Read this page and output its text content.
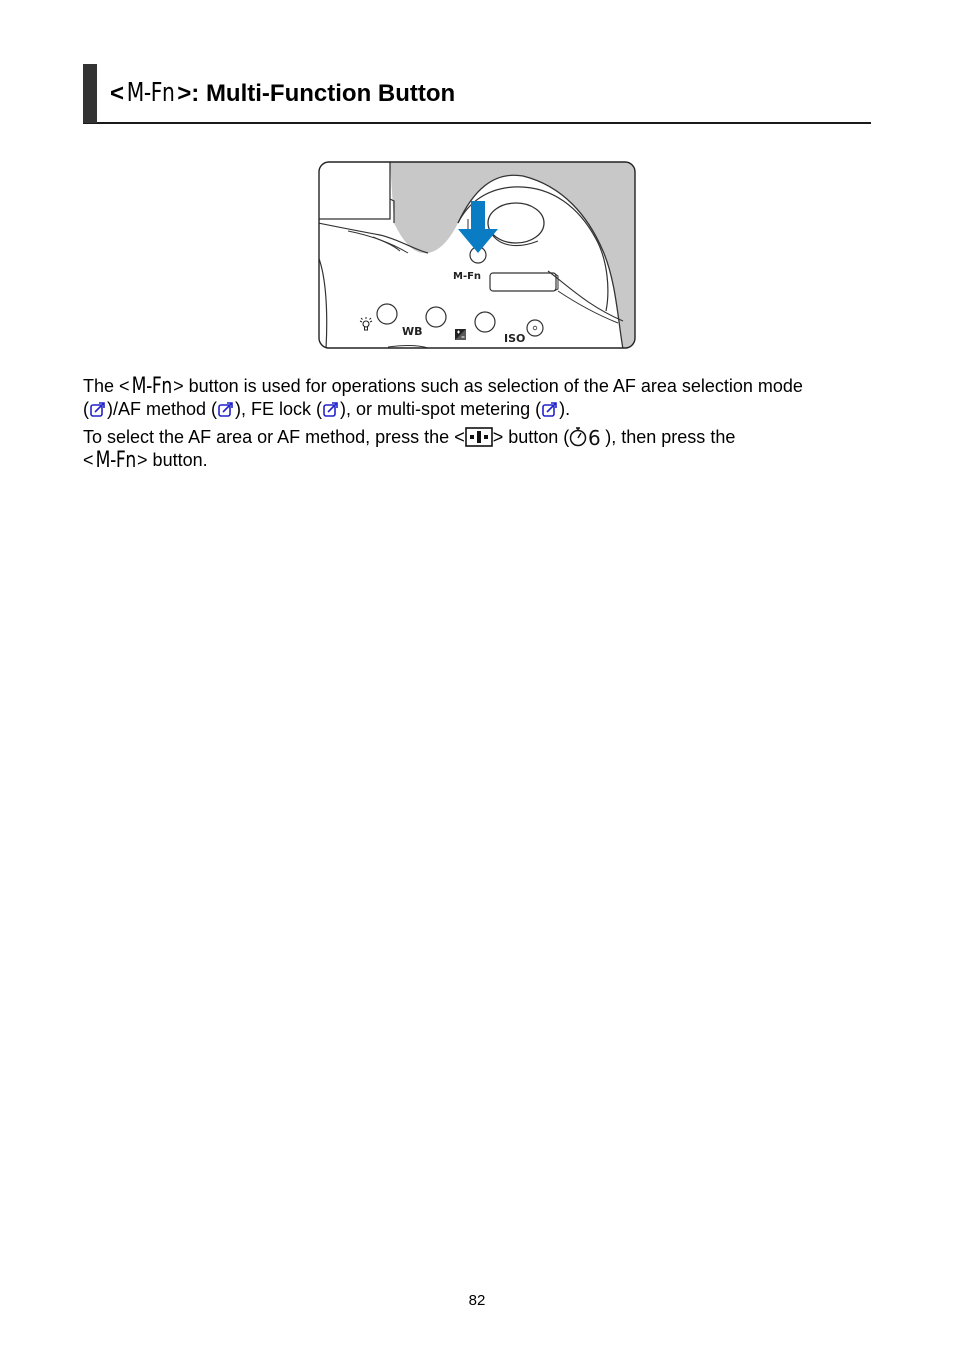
< M-Fn >: Multi-Function Button
M-Fn
WB
ISO

The <M-Fn> button is used for operations such as selection of the AF area selection mode
( )/AF method ( ), FE lock ( ), or multi-spot metering ( ).

To select the AF area or AF method, press the < > button ( 6 ), then press the
<M-Fn> button.

82
